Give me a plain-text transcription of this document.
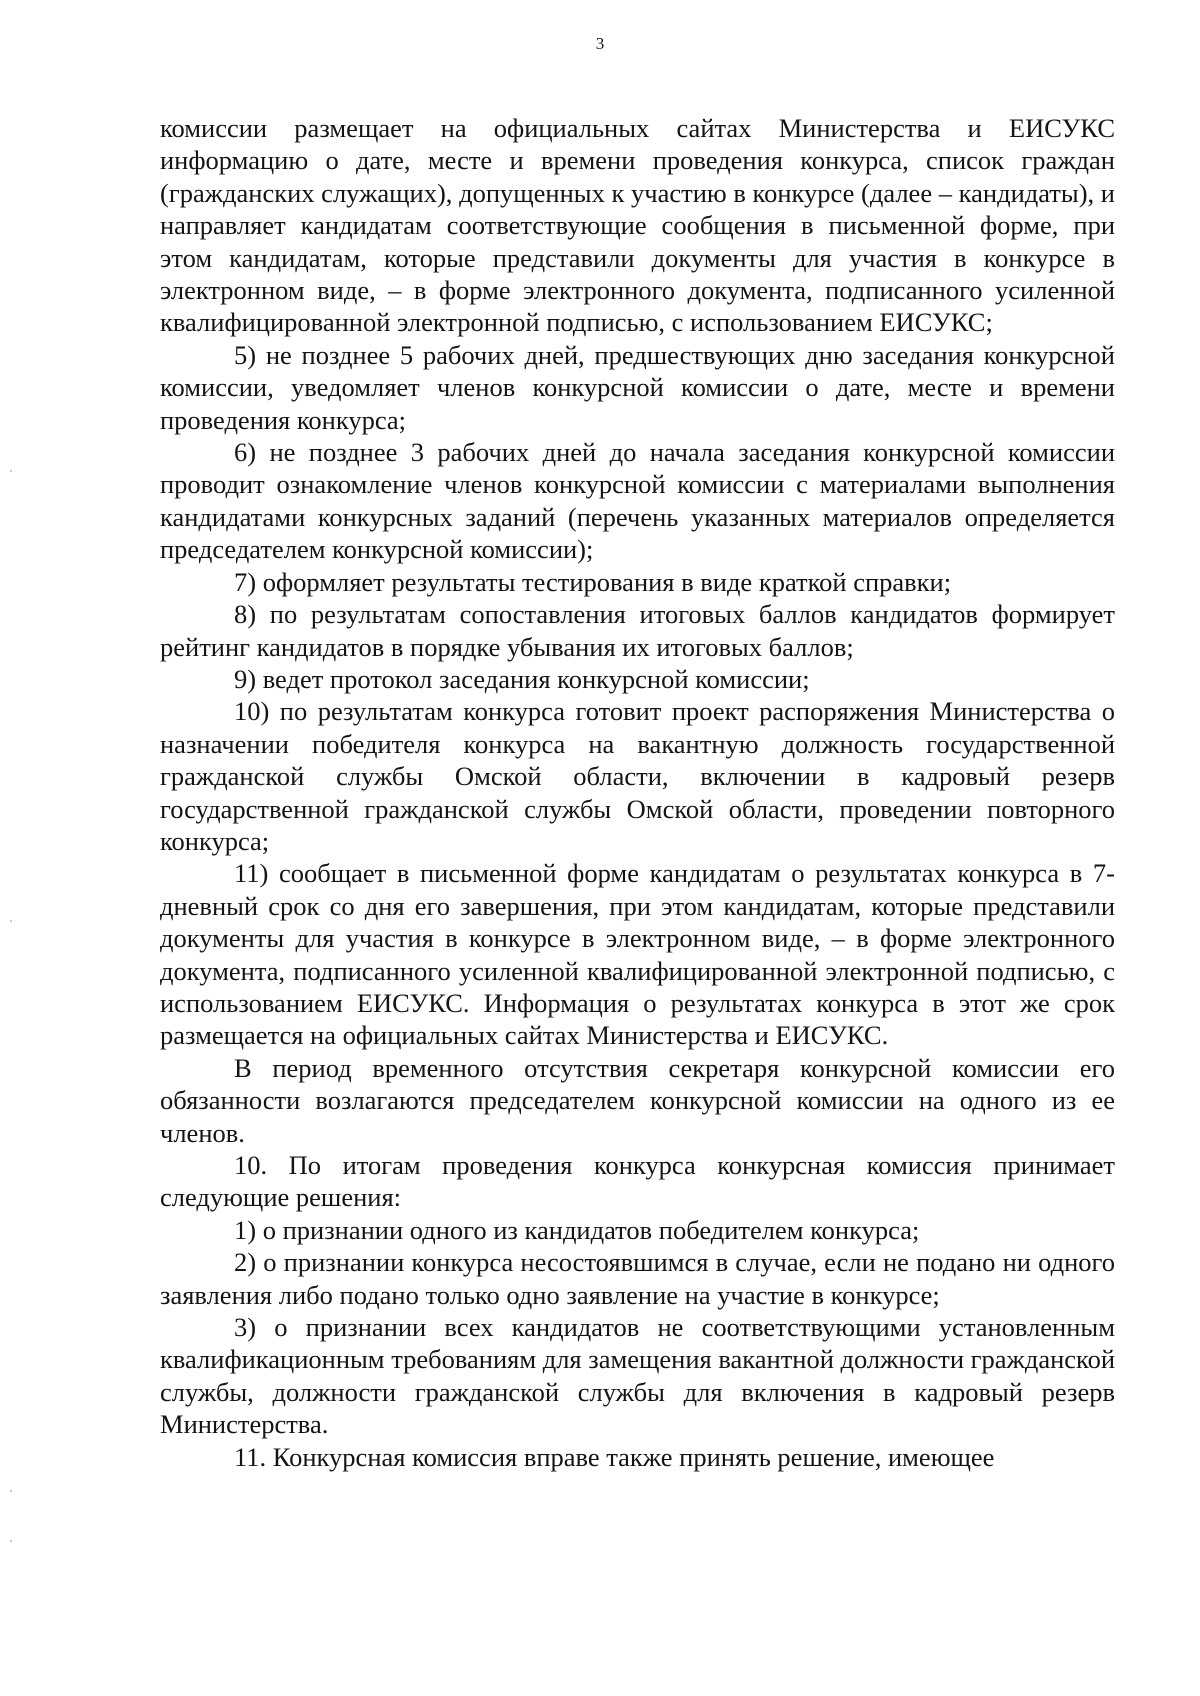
3

комиссии размещает на официальных сайтах Министерства и ЕИСУКС информацию о дате, месте и времени проведения конкурса, список граждан (гражданских служащих), допущенных к участию в конкурсе (далее – кандидаты), и направляет кандидатам соответствующие сообщения в письменной форме, при этом кандидатам, которые представили документы для участия в конкурсе в электронном виде, – в форме электронного документа, подписанного усиленной квалифицированной электронной подписью, с использованием ЕИСУКС;

5) не позднее 5 рабочих дней, предшествующих дню заседания конкурсной комиссии, уведомляет членов конкурсной комиссии о дате, месте и времени проведения конкурса;

6) не позднее 3 рабочих дней до начала заседания конкурсной комиссии проводит ознакомление членов конкурсной комиссии с материалами выполнения кандидатами конкурсных заданий (перечень указанных материалов определяется председателем конкурсной комиссии);

7) оформляет результаты тестирования в виде краткой справки;

8) по результатам сопоставления итоговых баллов кандидатов формирует рейтинг кандидатов в порядке убывания их итоговых баллов;

9) ведет протокол заседания конкурсной комиссии;

10) по результатам конкурса готовит проект распоряжения Министерства о назначении победителя конкурса на вакантную должность государственной гражданской службы Омской области, включении в кадровый резерв государственной гражданской службы Омской области, проведении повторного конкурса;

11) сообщает в письменной форме кандидатам о результатах конкурса в 7-дневный срок со дня его завершения, при этом кандидатам, которые представили документы для участия в конкурсе в электронном виде, – в форме электронного документа, подписанного усиленной квалифицированной электронной подписью, с использованием ЕИСУКС. Информация о результатах конкурса в этот же срок размещается на официальных сайтах Министерства и ЕИСУКС.

В период временного отсутствия секретаря конкурсной комиссии его обязанности возлагаются председателем конкурсной комиссии на одного из ее членов.

10. По итогам проведения конкурса конкурсная комиссия принимает следующие решения:

1) о признании одного из кандидатов победителем конкурса;

2) о признании конкурса несостоявшимся в случае, если не подано ни одного заявления либо подано только одно заявление на участие в конкурсе;

3) о признании всех кандидатов не соответствующими установленным квалификационным требованиям для замещения вакантной должности гражданской службы, должности гражданской службы для включения в кадровый резерв Министерства.

11. Конкурсная комиссия вправе также принять решение, имеющее
